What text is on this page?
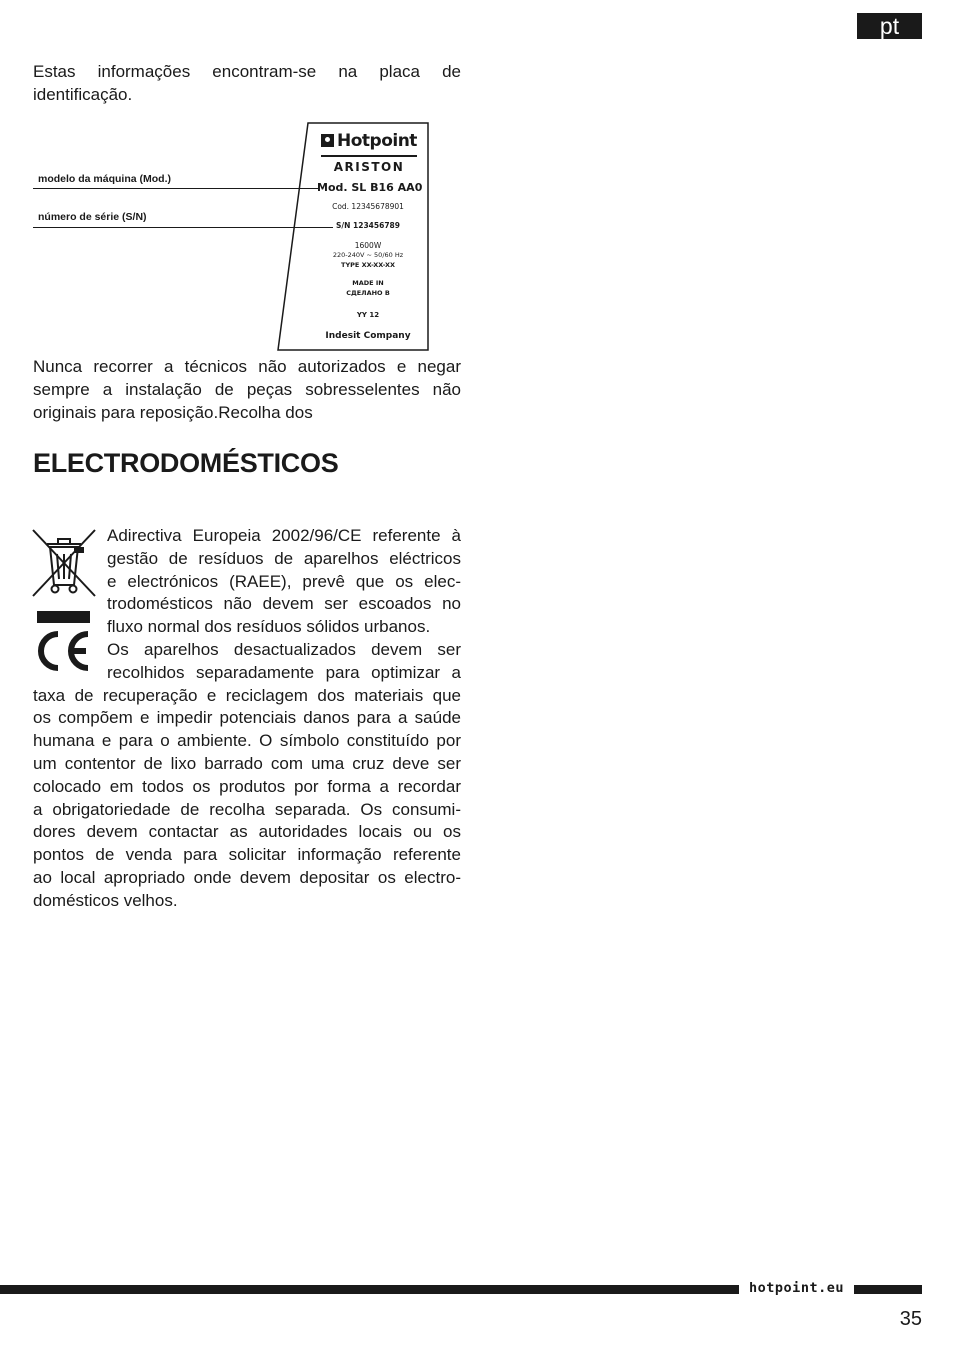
pt

Estas informações encontram-se na placa de identificação.

modelo da máquina (Mod.)
número de série (S/N)
Hotpoint
ARISTON
Mod. SL B16 AA0
Cod. 12345678901
S/N 123456789
1600W
220-240V ~ 50/60 Hz
TYPE XX-XX-XX
MADE IN
СДЕЛАНО В
YY 12
Indesit Company

Nunca recorrer a técnicos não autorizados e negar sempre a instalação de peças sobresselentes não originais para reposição.Recolha dos

ELECTRODOMÉSTICOS
Adirectiva Europeia 2002/96/CE referente à
gestão de resíduos de aparelhos eléctricos
e electrónicos (RAEE), prevê que os elec-
trodomésticos não devem ser escoados no
fluxo normal dos resíduos sólidos urbanos.
Os aparelhos desactualizados devem ser
recolhidos separadamente para optimizar a
taxa de recuperação e reciclagem dos materiais que
os compõem e impedir potenciais danos para a saúde
humana e para o ambiente. O símbolo constituído por
um contentor de lixo barrado com uma cruz deve ser
colocado em todos os produtos por forma a recordar
a obrigatoriedade de recolha separada. Os consumi-
dores devem contactar as autoridades locais ou os
pontos de venda para solicitar informação referente
ao local apropriado onde devem depositar os electro-
domésticos velhos.
hotpoint.eu
35
